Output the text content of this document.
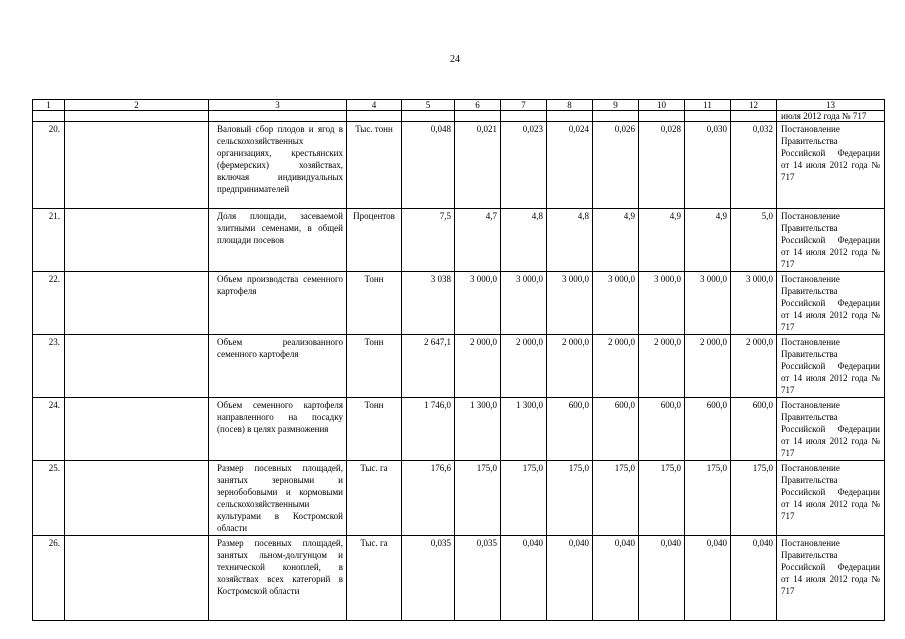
24
1	2	3	4	5	6	7	8	9	10	11	12	13
												июля 2012 года № 717
20.		Валовый сбор плодов и ягод в сельскохозяйственных организациях, крестьянских (фермерских) хозяйствах, включая индивидуальных предпринимателей	Тыс. тонн	0,048	0,021	0,023	0,024	0,026	0,028	0,030	0,032	Постановление Правительства Российской Федерации от 14 июля 2012 года № 717
21.		Доля площади, засеваемой элитными семенами, в общей площади посевов	Процентов	7,5	4,7	4,8	4,8	4,9	4,9	4,9	5,0	Постановление Правительства Российской Федерации от 14 июля 2012 года № 717
22.		Объем производства семенного картофеля	Тонн	3 038	3 000,0	3 000,0	3 000,0	3 000,0	3 000,0	3 000,0	3 000,0	Постановление Правительства Российской Федерации от 14 июля 2012 года № 717
23.		Объем реализованного семенного картофеля	Тонн	2 647,1	2 000,0	2 000,0	2 000,0	2 000,0	2 000,0	2 000,0	2 000,0	Постановление Правительства Российской Федерации от 14 июля 2012 года № 717
24.		Объем семенного картофеля направленного на посадку (посев) в целях размножения	Тонн	1 746,0	1 300,0	1 300,0	600,0	600,0	600,0	600,0	600,0	Постановление Правительства Российской Федерации от 14 июля 2012 года № 717
25.		Размер посевных площадей, занятых зерновыми и зернобобовыми и кормовыми сельскохозяйственными культурами в Костромской области	Тыс. га	176,6	175,0	175,0	175,0	175,0	175,0	175,0	175,0	Постановление Правительства Российской Федерации от 14 июля 2012 года № 717
26.		Размер посевных площадей, занятых льном-долгунцом и технической коноплей, в хозяйствах всех категорий в Костромской области	Тыс. га	0,035	0,035	0,040	0,040	0,040	0,040	0,040	0,040	Постановление Правительства Российской Федерации от 14 июля 2012 года № 717
